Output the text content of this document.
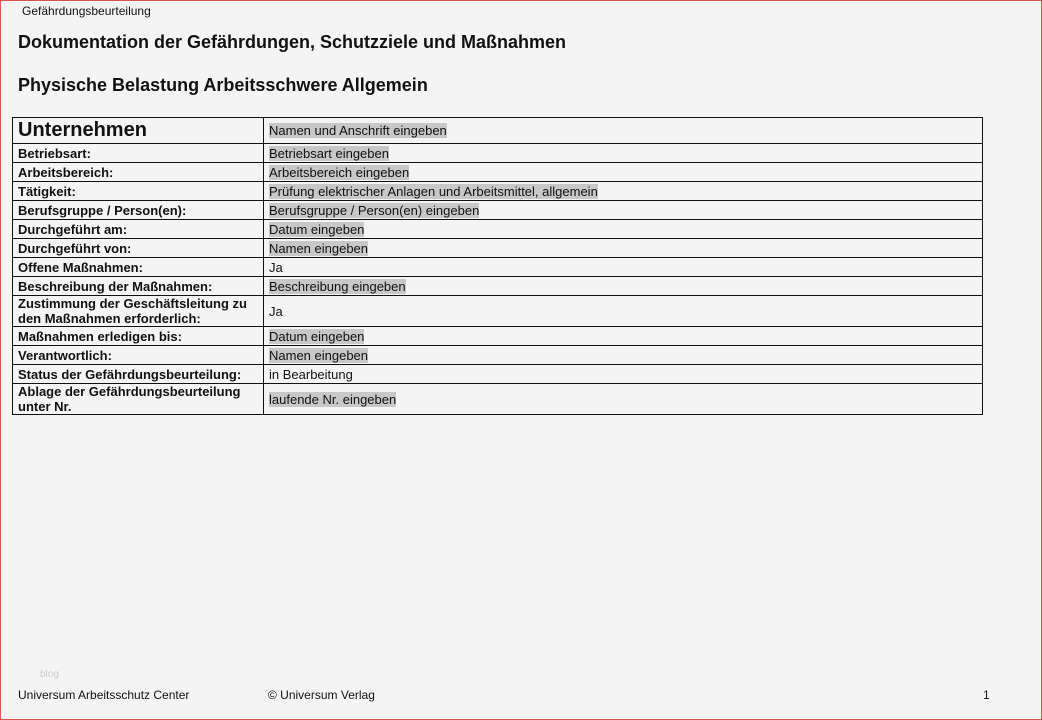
Gefährdungsbeurteilung
Dokumentation der Gefährdungen, Schutzziele und Maßnahmen
Physische Belastung Arbeitsschwere Allgemein
Unternehmen	Namen und Anschrift eingeben
Betriebsart:	Betriebsart eingeben
Arbeitsbereich:	Arbeitsbereich eingeben
Tätigkeit:	Prüfung elektrischer Anlagen und Arbeitsmittel, allgemein
Berufsgruppe / Person(en):	Berufsgruppe / Person(en) eingeben
Durchgeführt am:	Datum eingeben
Durchgeführt von:	Namen eingeben
Offene Maßnahmen:	Ja
Beschreibung der Maßnahmen:	Beschreibung eingeben
Zustimmung der Geschäftsleitung zu den Maßnahmen erforderlich:	Ja
Maßnahmen erledigen bis:	Datum eingeben
Verantwortlich:	Namen eingeben
Status der Gefährdungsbeurteilung:	in Bearbeitung
Ablage der Gefährdungsbeurteilung unter Nr.	laufende Nr. eingeben
blog
Universum Arbeitsschutz Center	© Universum Verlag	1
